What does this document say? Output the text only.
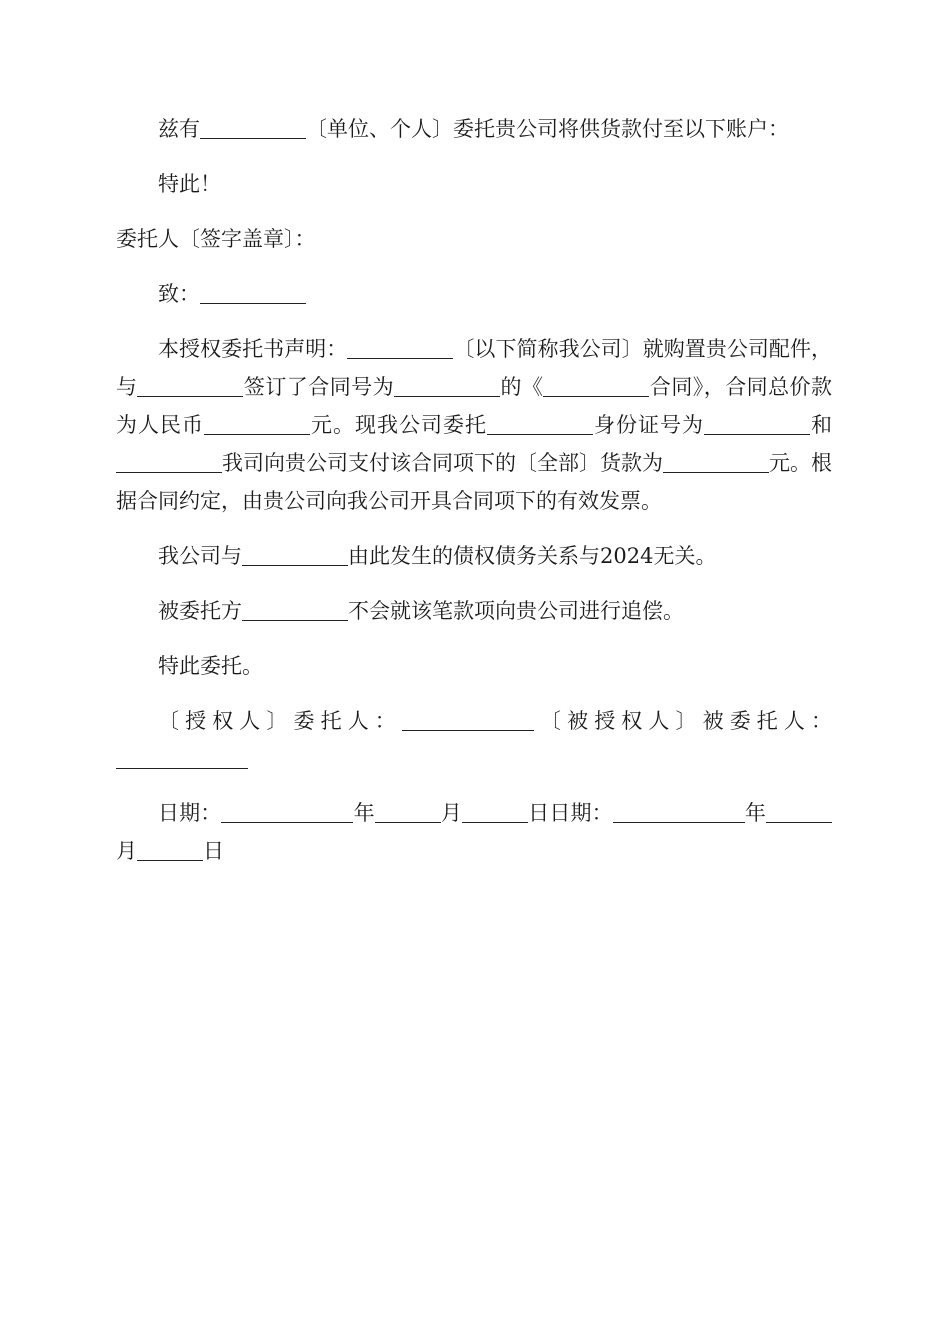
兹有	〔单位、个人〕委托贵公司将供货款付至以下账户：

特此！

委托人〔签字盖章〕：

致：

本授权委托书声明：	〔以下简称我公司〕就购置贵公司配件，与	签订了合同号为	的《	合同》，合同总价款为人民币	元。现我公司委托	身份证号为	和我司向贵公司支付该合同项下的〔全部〕货款为	元。根据合同约定，由贵公司向我公司开具合同项下的有效发票。

我公司与	由此发生的债权债务关系与2024无关。

被委托方	不会就该笔款项向贵公司进行追偿。

特此委托。

〔授权人〕委托人：	〔被授权人〕被委托人：

日期：	年	月	日日期：	年月	日
